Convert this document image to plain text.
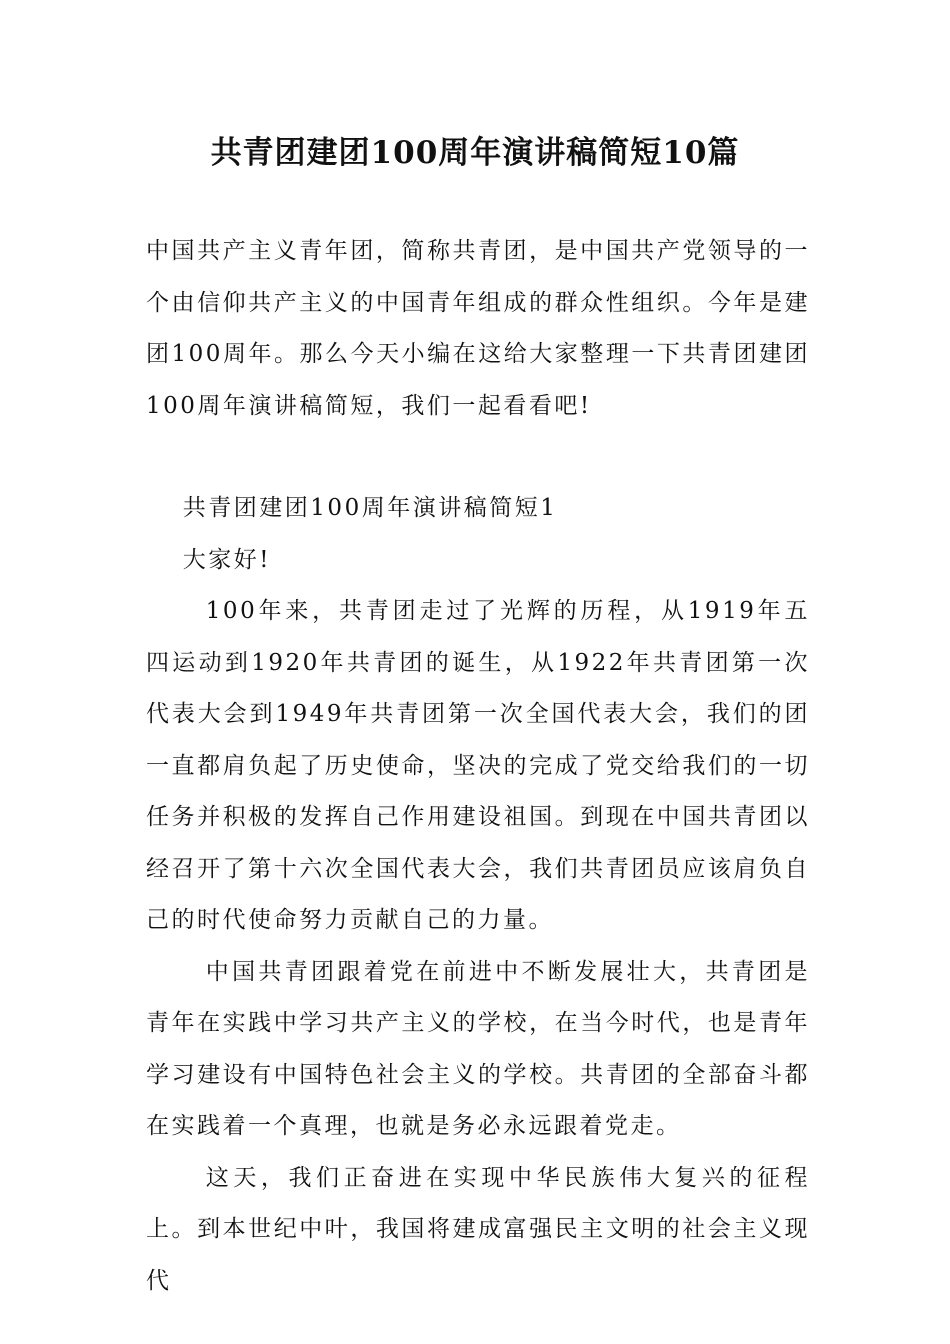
共青团建团100周年演讲稿简短10篇

中国共产主义青年团，简称共青团，是中国共产党领导的一个由信仰共产主义的中国青年组成的群众性组织。今年是建团100周年。那么今天小编在这给大家整理一下共青团建团100周年演讲稿简短，我们一起看看吧!

共青团建团100周年演讲稿简短1

大家好!

100年来，共青团走过了光辉的历程，从1919年五四运动到1920年共青团的诞生，从1922年共青团第一次代表大会到1949年共青团第一次全国代表大会，我们的团一直都肩负起了历史使命，坚决的完成了党交给我们的一切任务并积极的发挥自己作用建设祖国。到现在中国共青团以经召开了第十六次全国代表大会，我们共青团员应该肩负自己的时代使命努力贡献自己的力量。

中国共青团跟着党在前进中不断发展壮大，共青团是青年在实践中学习共产主义的学校，在当今时代，也是青年学习建设有中国特色社会主义的学校。共青团的全部奋斗都在实践着一个真理，也就是务必永远跟着党走。

这天，我们正奋进在实现中华民族伟大复兴的征程上。到本世纪中叶，我国将建成富强民主文明的社会主义现代
